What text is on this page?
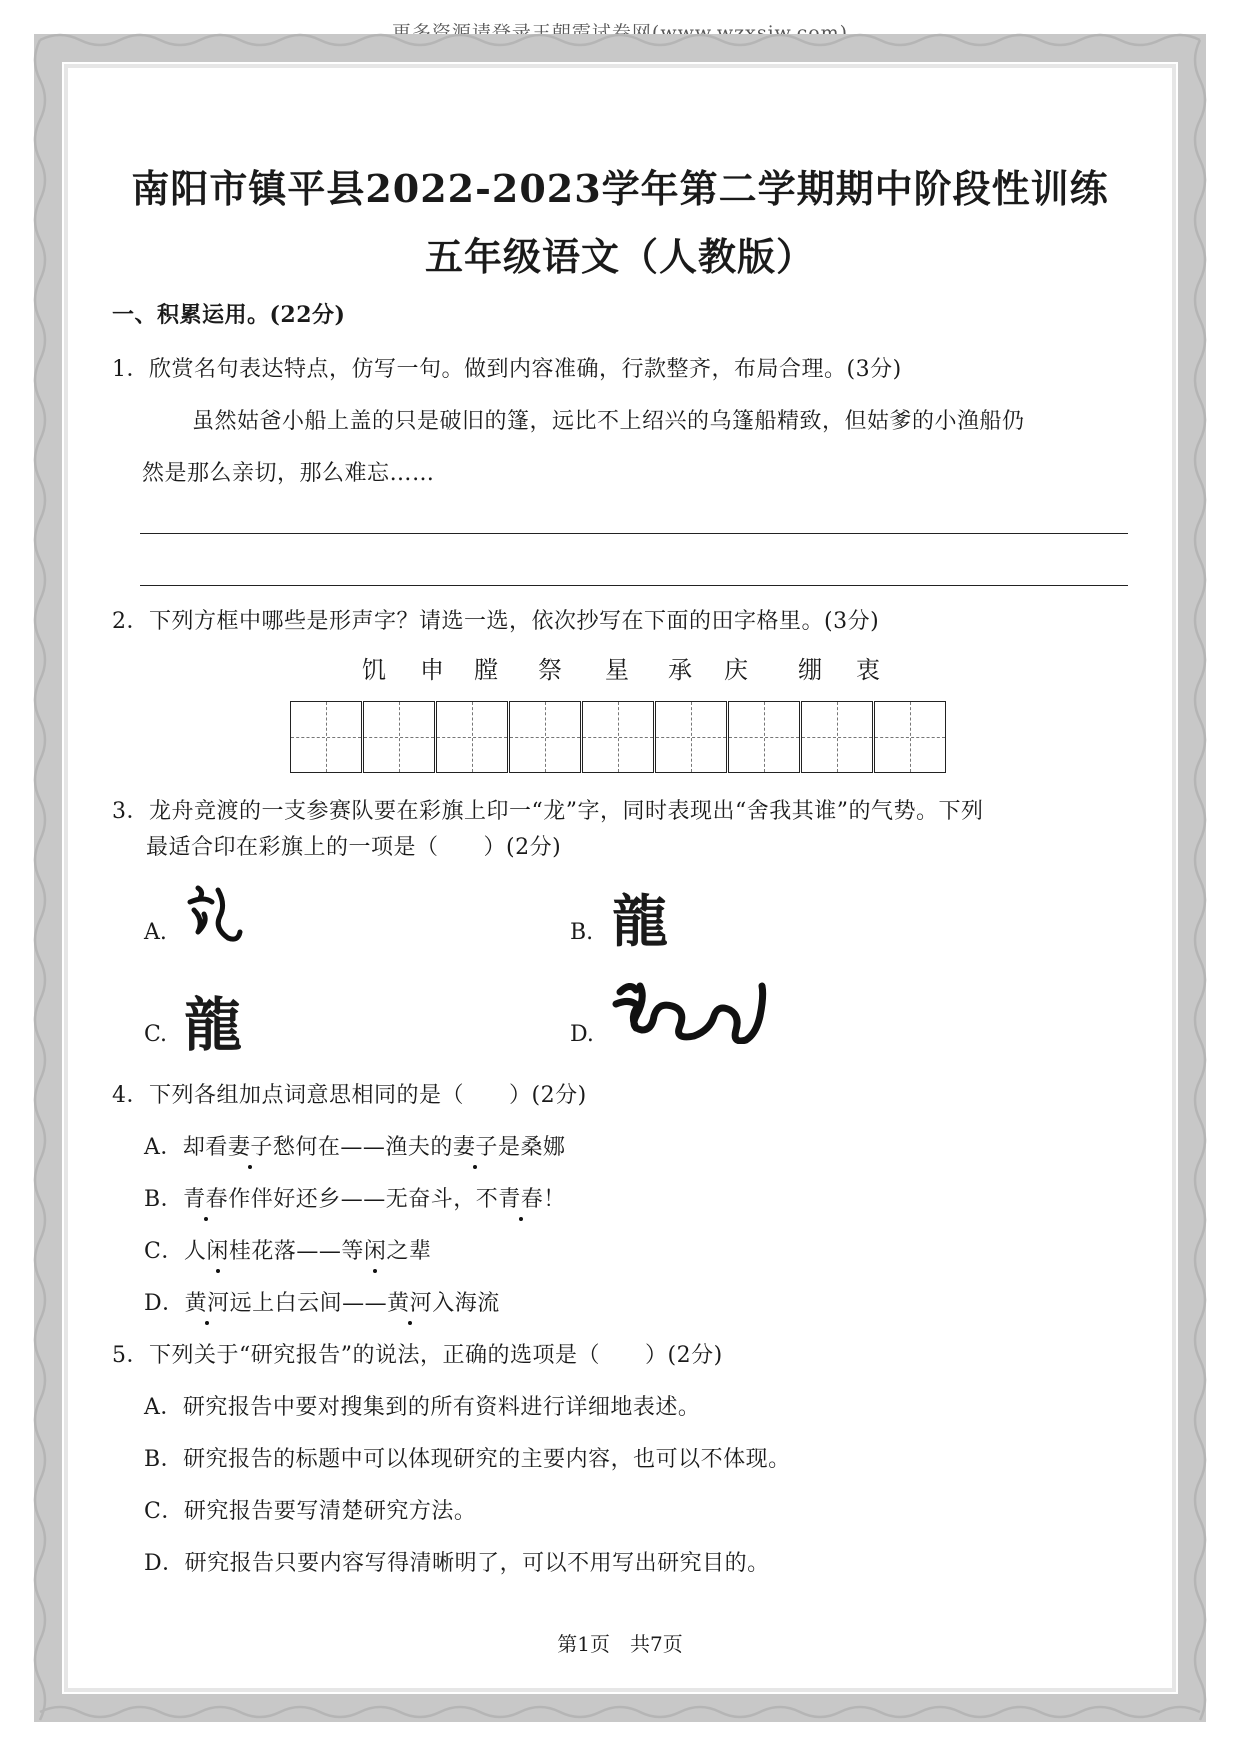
更多资源请登录王朝霞试卷网(www.wzxsjw.com)
南阳市镇平县2022-2023学年第二学期期中阶段性训练
五年级语文（人教版）
一、积累运用。(22分)
1．欣赏名句表达特点，仿写一句。做到内容准确，行款整齐，布局合理。(3分)
虽然姑爸小船上盖的只是破旧的篷，远比不上绍兴的乌篷船精致，但姑爹的小渔船仍
然是那么亲切，那么难忘……
2．下列方框中哪些是形声字？请选一选，依次抄写在下面的田字格里。(3分)
饥 申 膛 祭 星 承 庆 绷 衷
3．龙舟竞渡的一支参赛队要在彩旗上印一“龙”字，同时表现出“舍我其谁”的气势。下列
最适合印在彩旗上的一项是（　　）(2分)
A.	B. 龍
C. 龍	D.
4．下列各组加点词意思相同的是（　　）(2分)
A．却看妻子愁何在——渔夫的妻子是桑娜
B．青春作伴好还乡——无奋斗，不青春！
C．人闲桂花落——等闲之辈
D．黄河远上白云间——黄河入海流
5．下列关于“研究报告”的说法，正确的选项是（　　）(2分)
A．研究报告中要对搜集到的所有资料进行详细地表述。
B．研究报告的标题中可以体现研究的主要内容，也可以不体现。
C．研究报告要写清楚研究方法。
D．研究报告只要内容写得清晰明了，可以不用写出研究目的。
第1页 共7页
